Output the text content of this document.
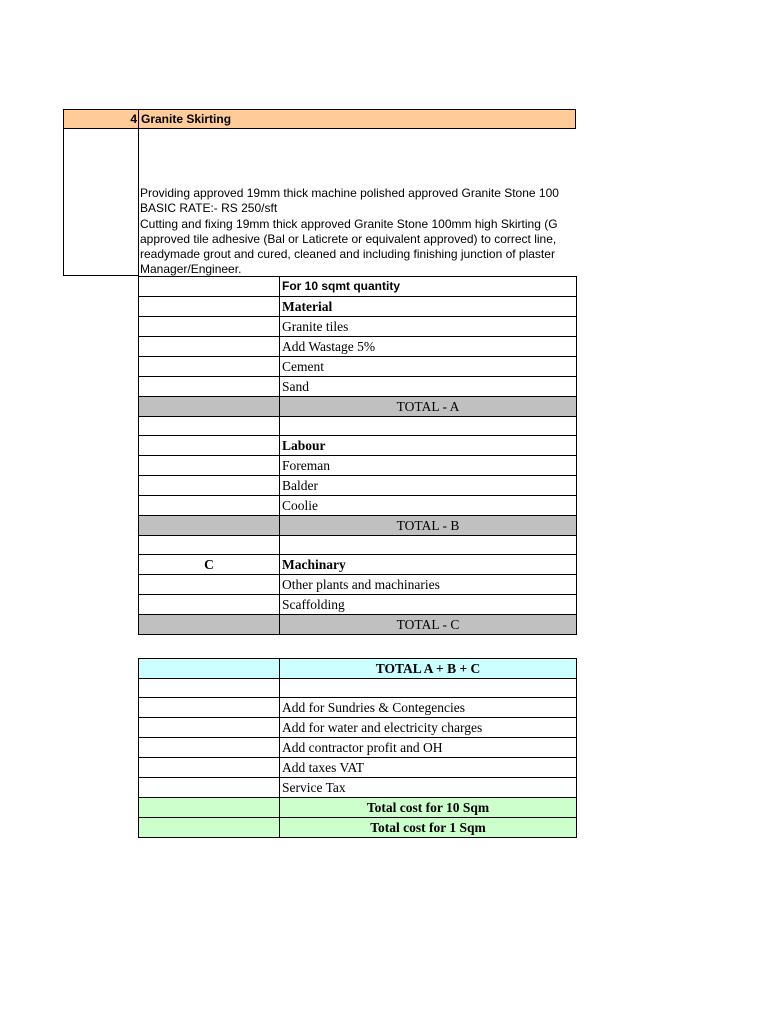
4 Granite Skirting
Providing approved 19mm thick machine polished approved Granite Stone 100
BASIC RATE:- RS 250/sft
Cutting and fixing 19mm thick approved Granite Stone 100mm high Skirting (G
approved tile adhesive (Bal or Laticrete or equivalent approved) to correct line,
readymade grout and cured, cleaned and including finishing junction of plaster
Manager/Engineer.
	For 10 sqmt quantity
	Material
	Granite tiles
	Add Wastage 5%
	Cement
	Sand
	TOTAL - A

	Labour
	Foreman
	Balder
	Coolie
	TOTAL - B

C	Machinary
	Other plants and machinaries
	Scaffolding
	TOTAL - C
	TOTAL A + B + C

	Add for Sundries & Contegencies
	Add for water and electricity charges
	Add contractor profit and OH
	Add taxes VAT
	Service Tax
	Total cost for 10 Sqm
	Total cost for 1 Sqm
